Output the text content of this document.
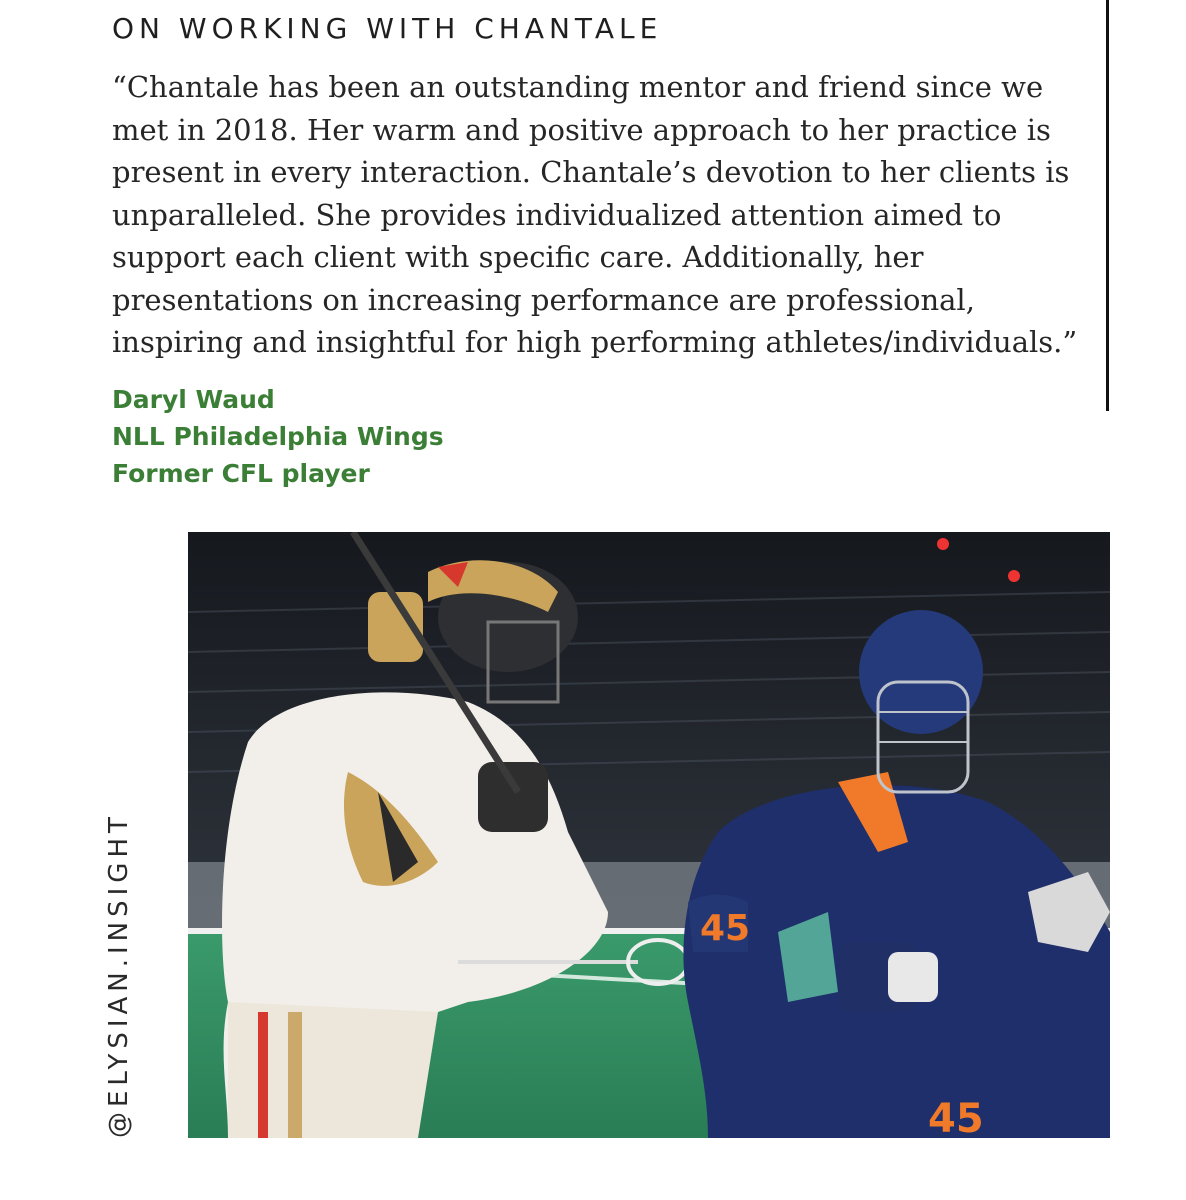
ON WORKING WITH CHANTALE

“Chantale has been an outstanding mentor and friend since we
met in 2018. Her warm and positive approach to her practice is
present in every interaction. Chantale’s devotion to her clients is
unparalleled. She provides individualized attention aimed to
support each client with specific care. Additionally, her
presentations on increasing performance are professional,
inspiring and insightful for high performing athletes/individuals.”

Daryl Waud
NLL Philadelphia Wings
Former CFL player
@ELYSIAN.INSIGHT	45
45
